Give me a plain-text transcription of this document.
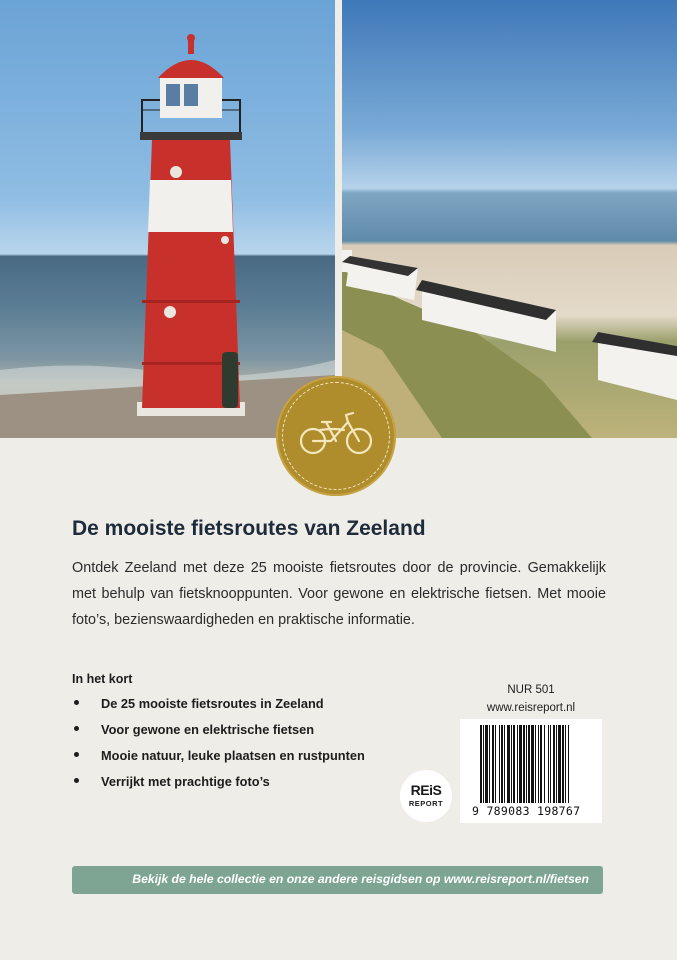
De mooiste fietsroutes van Zeeland

Ontdek Zeeland met deze 25 mooiste fietsroutes door de provincie. Gemakkelijk met behulp van fietsknooppunten. Voor gewone en elektrische fietsen. Met mooie foto’s, bezienswaardigheden en praktische informatie.

In het kort
De 25 mooiste fietsroutes in Zeeland
Voor gewone en elektrische fietsen
Mooie natuur, leuke plaatsen en rustpunten
Verrijkt met prachtige foto’s
REiS
REPORT
NUR 501
www.reisreport.nl
9 789083 198767
Bekijk de hele collectie en onze andere reisgidsen op www.reisreport.nl/fietsen
